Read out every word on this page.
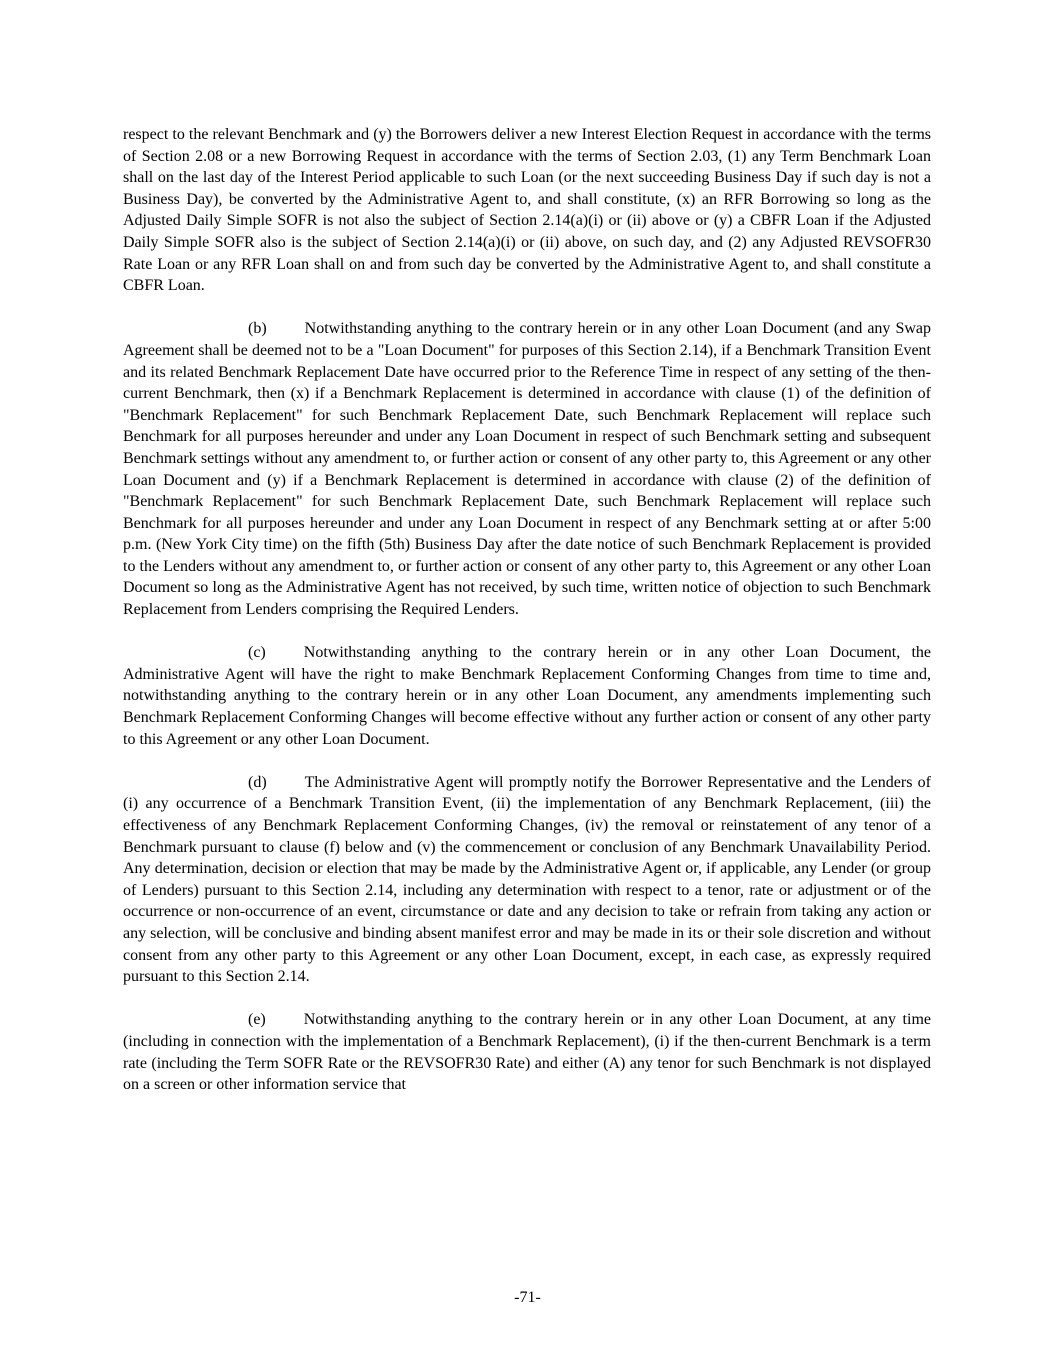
respect to the relevant Benchmark and (y) the Borrowers deliver a new Interest Election Request in accordance with the terms of Section 2.08 or a new Borrowing Request in accordance with the terms of Section 2.03, (1) any Term Benchmark Loan shall on the last day of the Interest Period applicable to such Loan (or the next succeeding Business Day if such day is not a Business Day), be converted by the Administrative Agent to, and shall constitute, (x) an RFR Borrowing so long as the Adjusted Daily Simple SOFR is not also the subject of Section 2.14(a)(i) or (ii) above or (y) a CBFR Loan if the Adjusted Daily Simple SOFR also is the subject of Section 2.14(a)(i) or (ii) above, on such day, and (2) any Adjusted REVSOFR30 Rate Loan or any RFR Loan shall on and from such day be converted by the Administrative Agent to, and shall constitute a CBFR Loan.

(b) Notwithstanding anything to the contrary herein or in any other Loan Document (and any Swap Agreement shall be deemed not to be a "Loan Document" for purposes of this Section 2.14), if a Benchmark Transition Event and its related Benchmark Replacement Date have occurred prior to the Reference Time in respect of any setting of the then-current Benchmark, then (x) if a Benchmark Replacement is determined in accordance with clause (1) of the definition of "Benchmark Replacement" for such Benchmark Replacement Date, such Benchmark Replacement will replace such Benchmark for all purposes hereunder and under any Loan Document in respect of such Benchmark setting and subsequent Benchmark settings without any amendment to, or further action or consent of any other party to, this Agreement or any other Loan Document and (y) if a Benchmark Replacement is determined in accordance with clause (2) of the definition of "Benchmark Replacement" for such Benchmark Replacement Date, such Benchmark Replacement will replace such Benchmark for all purposes hereunder and under any Loan Document in respect of any Benchmark setting at or after 5:00 p.m. (New York City time) on the fifth (5th) Business Day after the date notice of such Benchmark Replacement is provided to the Lenders without any amendment to, or further action or consent of any other party to, this Agreement or any other Loan Document so long as the Administrative Agent has not received, by such time, written notice of objection to such Benchmark Replacement from Lenders comprising the Required Lenders.

(c) Notwithstanding anything to the contrary herein or in any other Loan Document, the Administrative Agent will have the right to make Benchmark Replacement Conforming Changes from time to time and, notwithstanding anything to the contrary herein or in any other Loan Document, any amendments implementing such Benchmark Replacement Conforming Changes will become effective without any further action or consent of any other party to this Agreement or any other Loan Document.

(d) The Administrative Agent will promptly notify the Borrower Representative and the Lenders of (i) any occurrence of a Benchmark Transition Event, (ii) the implementation of any Benchmark Replacement, (iii) the effectiveness of any Benchmark Replacement Conforming Changes, (iv) the removal or reinstatement of any tenor of a Benchmark pursuant to clause (f) below and (v) the commencement or conclusion of any Benchmark Unavailability Period. Any determination, decision or election that may be made by the Administrative Agent or, if applicable, any Lender (or group of Lenders) pursuant to this Section 2.14, including any determination with respect to a tenor, rate or adjustment or of the occurrence or non-occurrence of an event, circumstance or date and any decision to take or refrain from taking any action or any selection, will be conclusive and binding absent manifest error and may be made in its or their sole discretion and without consent from any other party to this Agreement or any other Loan Document, except, in each case, as expressly required pursuant to this Section 2.14.

(e) Notwithstanding anything to the contrary herein or in any other Loan Document, at any time (including in connection with the implementation of a Benchmark Replacement), (i) if the then-current Benchmark is a term rate (including the Term SOFR Rate or the REVSOFR30 Rate) and either (A) any tenor for such Benchmark is not displayed on a screen or other information service that

-71-
